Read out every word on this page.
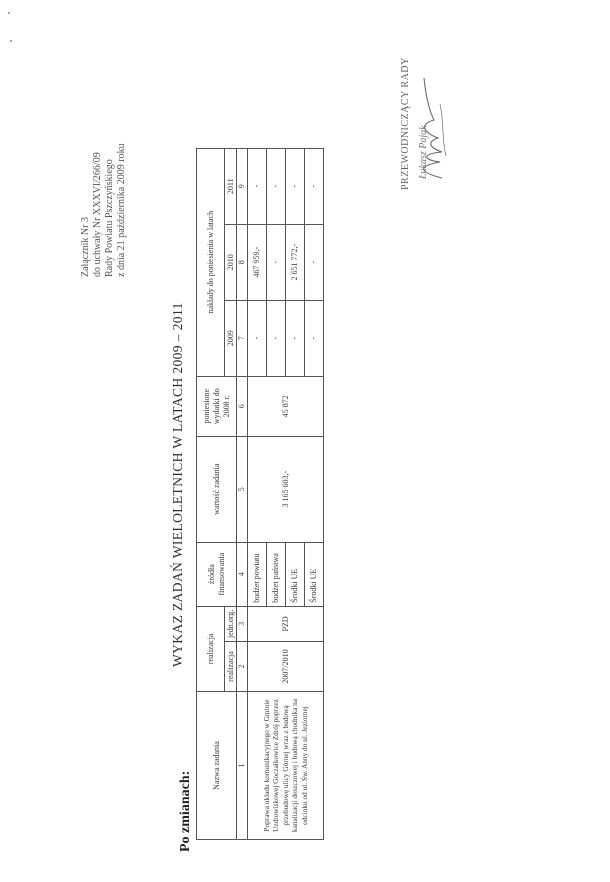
Załącznik Nr 3 do uchwały Nr XXXVI/266/09 Rady Powiatu Pszczyńskiego z dnia 21 października 2009 roku
WYKAZ ZADAŃ WIELOLETNICH W LATACH 2009 – 2011
Po zmianach:
Nazwa zadania	realizacja		źródła finansowania	wartość zadania	poniesione wydatki do 2008 r.	nakłady do poniesienia w latach		
	realizacja	jedn.org.				2009	2010	2011
1	2	3	4	5	6	7	8	9
Poprawa układu komunikacyjnego w Gminie Uzdrowiskowej Goczałkowice Zdrój poprzez przebudowę ulicy Górnej wraz z budową kanalizacji deszczowej i budową chodnika na odcinku od ul. Św. Anny do ul. Jeziornej	2007/2010	PZD	budżet powiatu	3 165 603,-	45 872	-	467 959,-	-
			budżet państwa			-	-	-
			Środki UE			-	2 651 772,-	-
			Środki UE			-	-	-	PRZEWODNICZĄCY RADY Łukasz Pająk
